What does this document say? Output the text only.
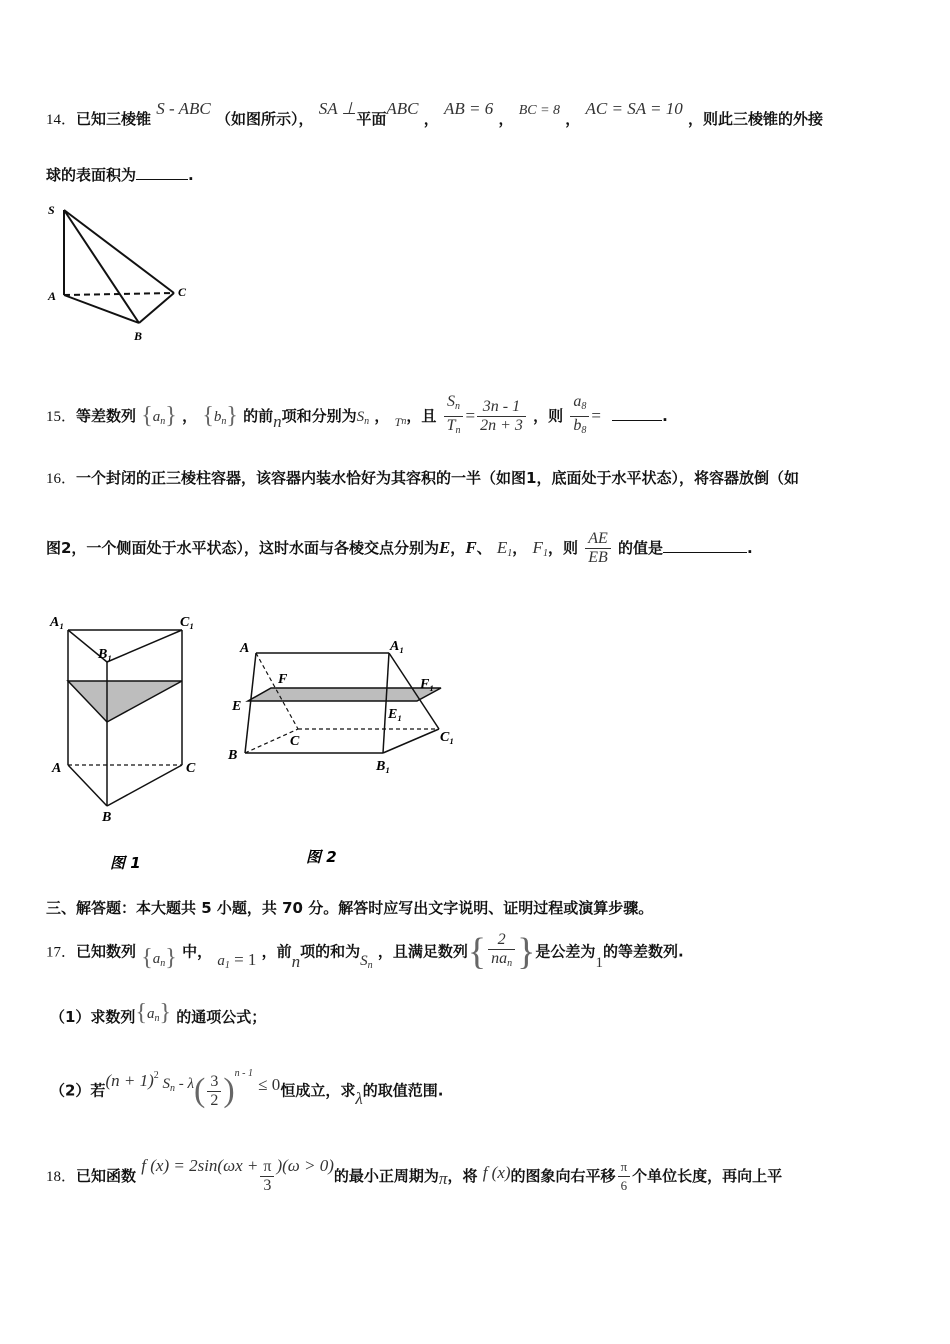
14．已知三棱锥 S - ABC （如图所示）， SA ⊥平面ABC ， AB = 6 ， BC = 8 ， AC = SA = 10 ，则此三棱锥的外接
球的表面积为	.
S
A
B
C
15．等差数列 $\{a_n\}$ ， $\{b_n\}$ 的前n项和分别为$S_n$ ， $_{Tn}$，且 $\frac{S_n}{T_n} = \frac{3n - 1}{2n + 3}$ ，则 $\frac{a_8}{b_8}$ =	.
16．一个封闭的正三棱柱容器，该容器内装水恰好为其容积的一半（如图1，底面处于水平状态），将容器放倒（如
图2，一个侧面处于水平状态），这时水面与各棱交点分别为E，F、 $E_1$， $F_1$，则 $\frac{AE}{EB}$ 的值是	.
A₁	C₁
B₁
A	C
B
图 1
A	A₁
F	F₁
E
E₁
C	C₁
B
B₁
图 2
三、解答题：本大题共 5 小题，共 70 分。解答时应写出文字说明、证明过程或演算步骤。
17．已知数列 $\{a_n\}$ 中， $a_1 = 1$ ，前n项的和为$S_n$ ，且满足数列{ $\frac{2}{na_n}$ }是公差为1的等差数列.
（1）求数列$\{a_n\}$ 的通项公式；
（2）若$(n + 1)^2$ $S^n - \lambda( \frac{3}{2} )^{n - 1} \le 0$恒成立，求λ的取值范围.
18．已知函数 f $(x) = 2\sin(\omega x + \frac{\pi}{3} )(\omega > 0)$的最小正周期为π，将 f (x)的图象向右平移 $\frac{\pi}{6}$ 个单位长度，再向上平
